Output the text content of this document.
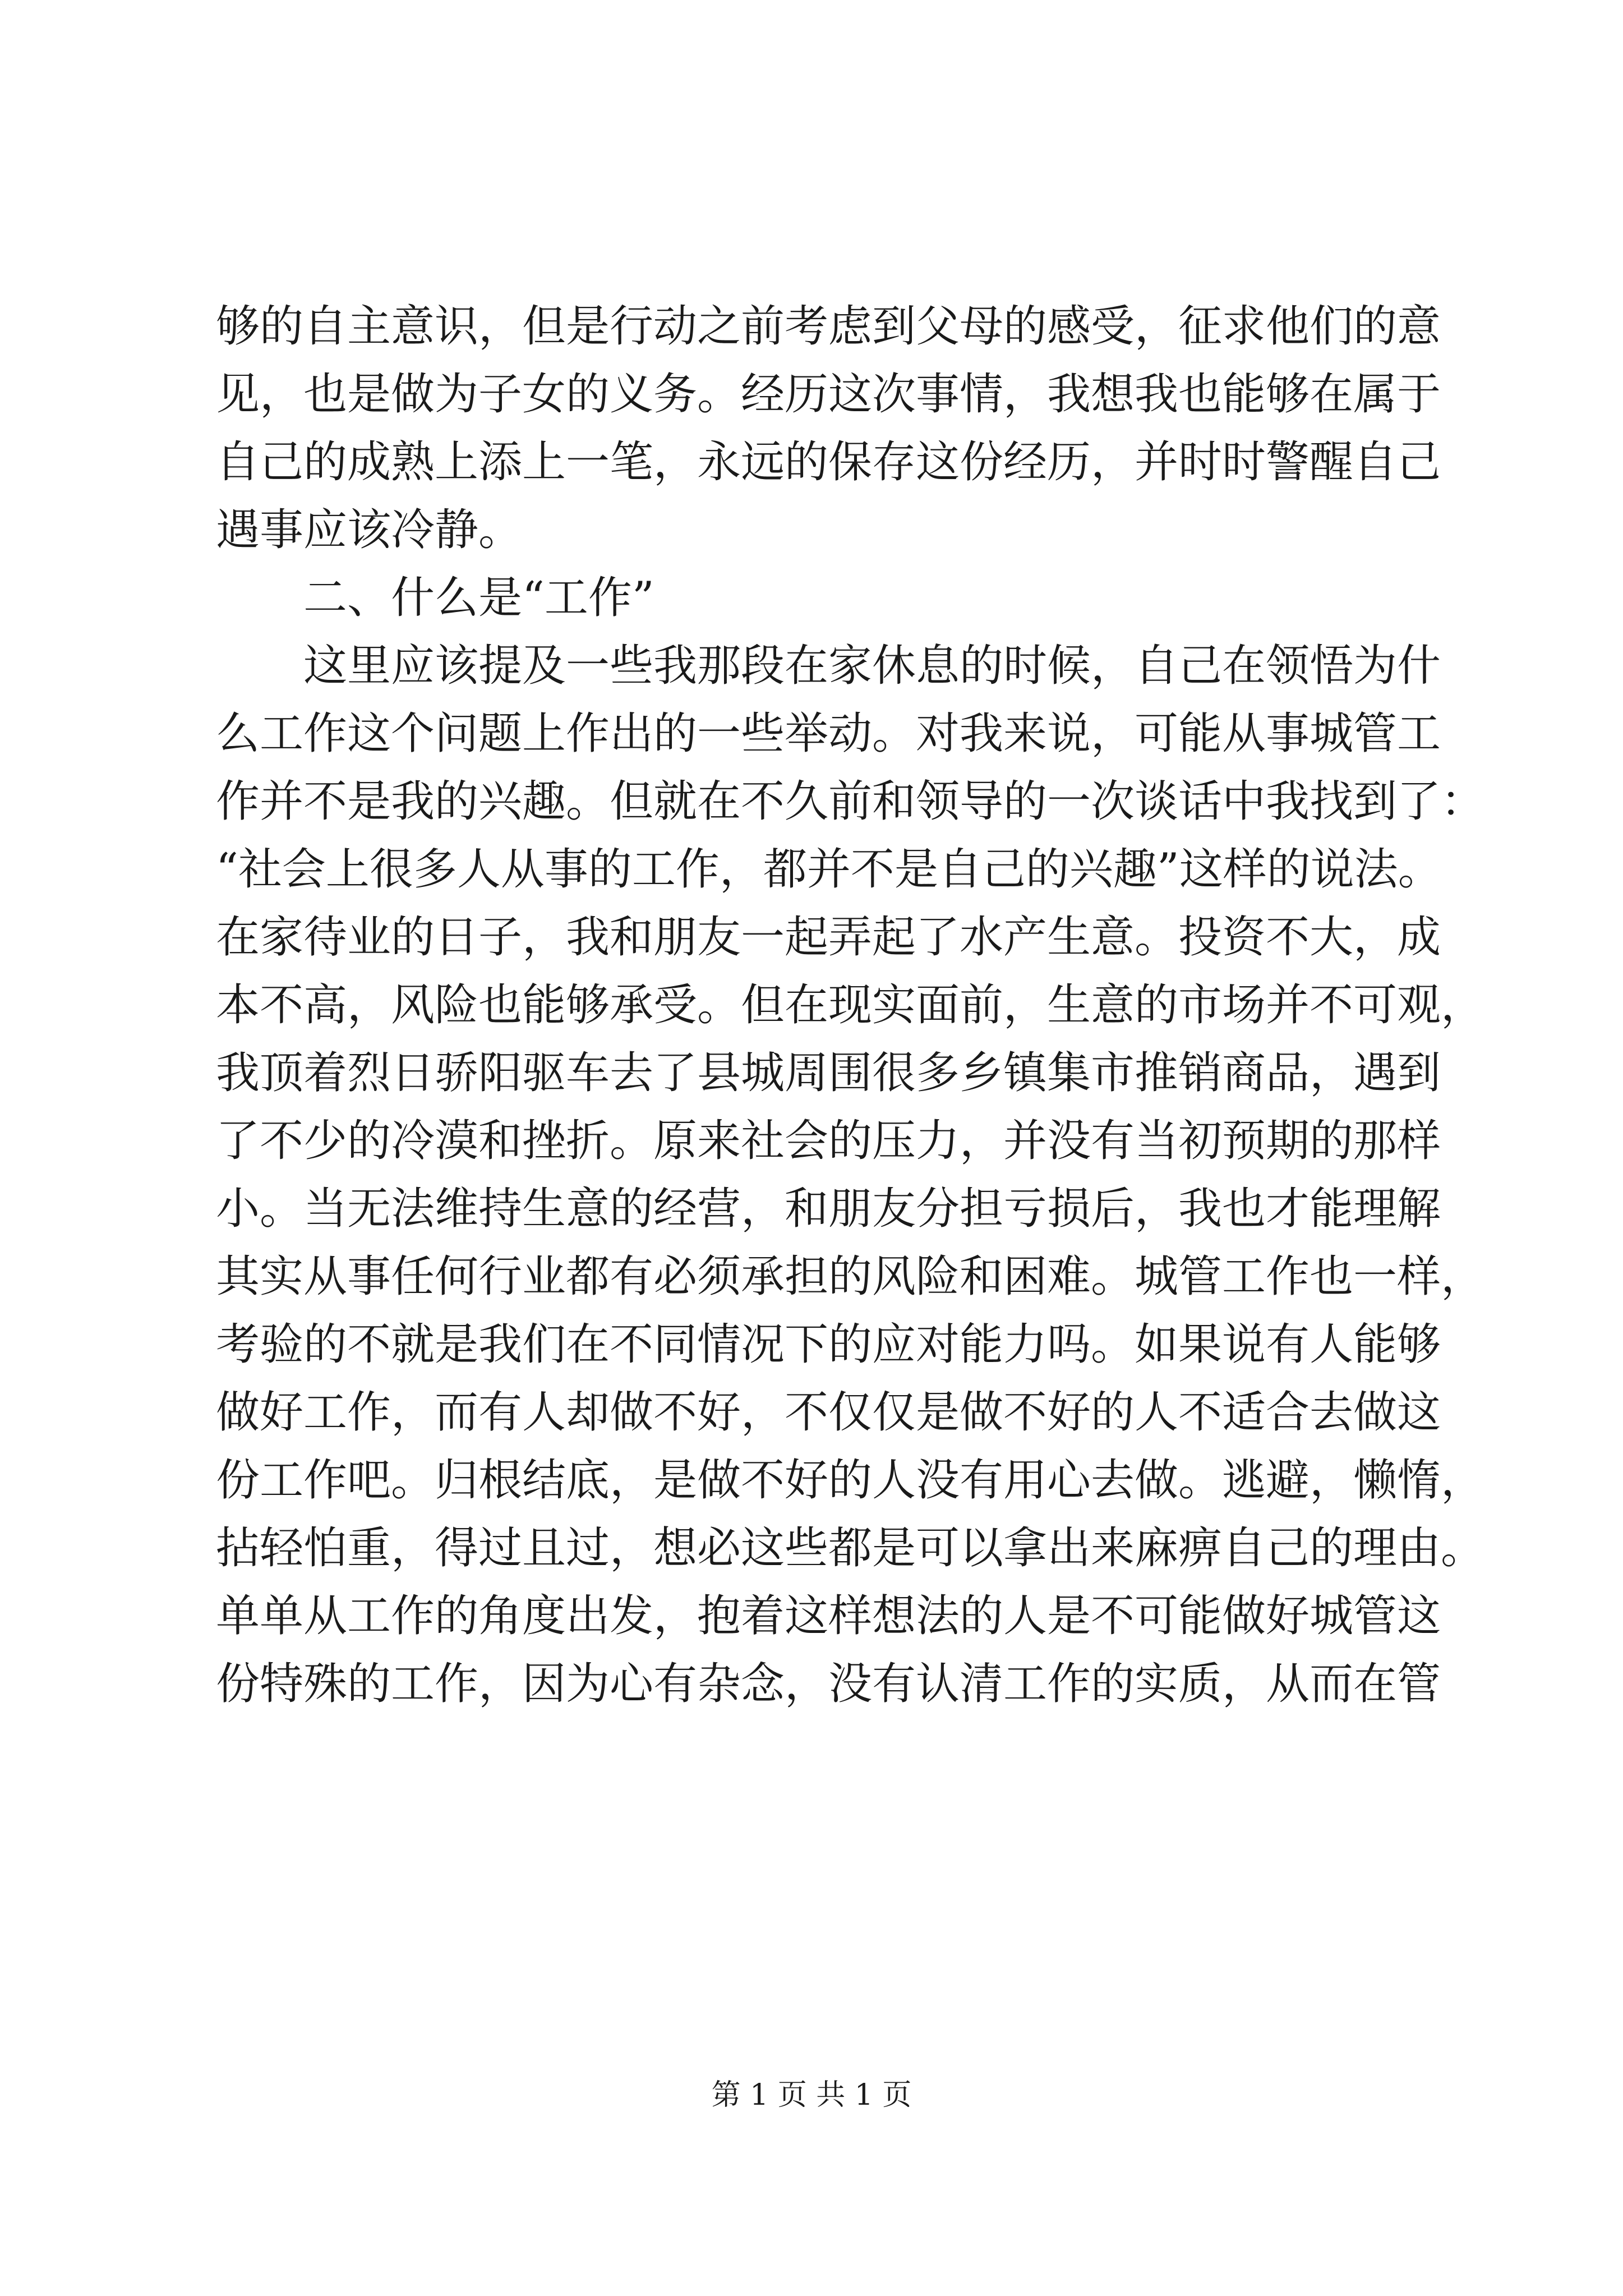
够的自主意识，但是行动之前考虑到父母的感受，征求他们的意
见，也是做为子女的义务。经历这次事情，我想我也能够在属于
自己的成熟上添上一笔，永远的保存这份经历，并时时警醒自己
遇事应该冷静。
二、什么是“工作”
这里应该提及一些我那段在家休息的时候，自己在领悟为什
么工作这个问题上作出的一些举动。对我来说，可能从事城管工
作并不是我的兴趣。但就在不久前和领导的一次谈话中我找到了：
“社会上很多人从事的工作，都并不是自己的兴趣”这样的说法。
在家待业的日子，我和朋友一起弄起了水产生意。投资不大，成
本不高，风险也能够承受。但在现实面前，生意的市场并不可观，
我顶着烈日骄阳驱车去了县城周围很多乡镇集市推销商品，遇到
了不少的冷漠和挫折。原来社会的压力，并没有当初预期的那样
小。当无法维持生意的经营，和朋友分担亏损后，我也才能理解
其实从事任何行业都有必须承担的风险和困难。城管工作也一样，
考验的不就是我们在不同情况下的应对能力吗。如果说有人能够
做好工作，而有人却做不好，不仅仅是做不好的人不适合去做这
份工作吧。归根结底，是做不好的人没有用心去做。逃避，懒惰，
拈轻怕重，得过且过，想必这些都是可以拿出来麻痹自己的理由。
单单从工作的角度出发，抱着这样想法的人是不可能做好城管这
份特殊的工作，因为心有杂念，没有认清工作的实质，从而在管
第 1 页 共 1 页
